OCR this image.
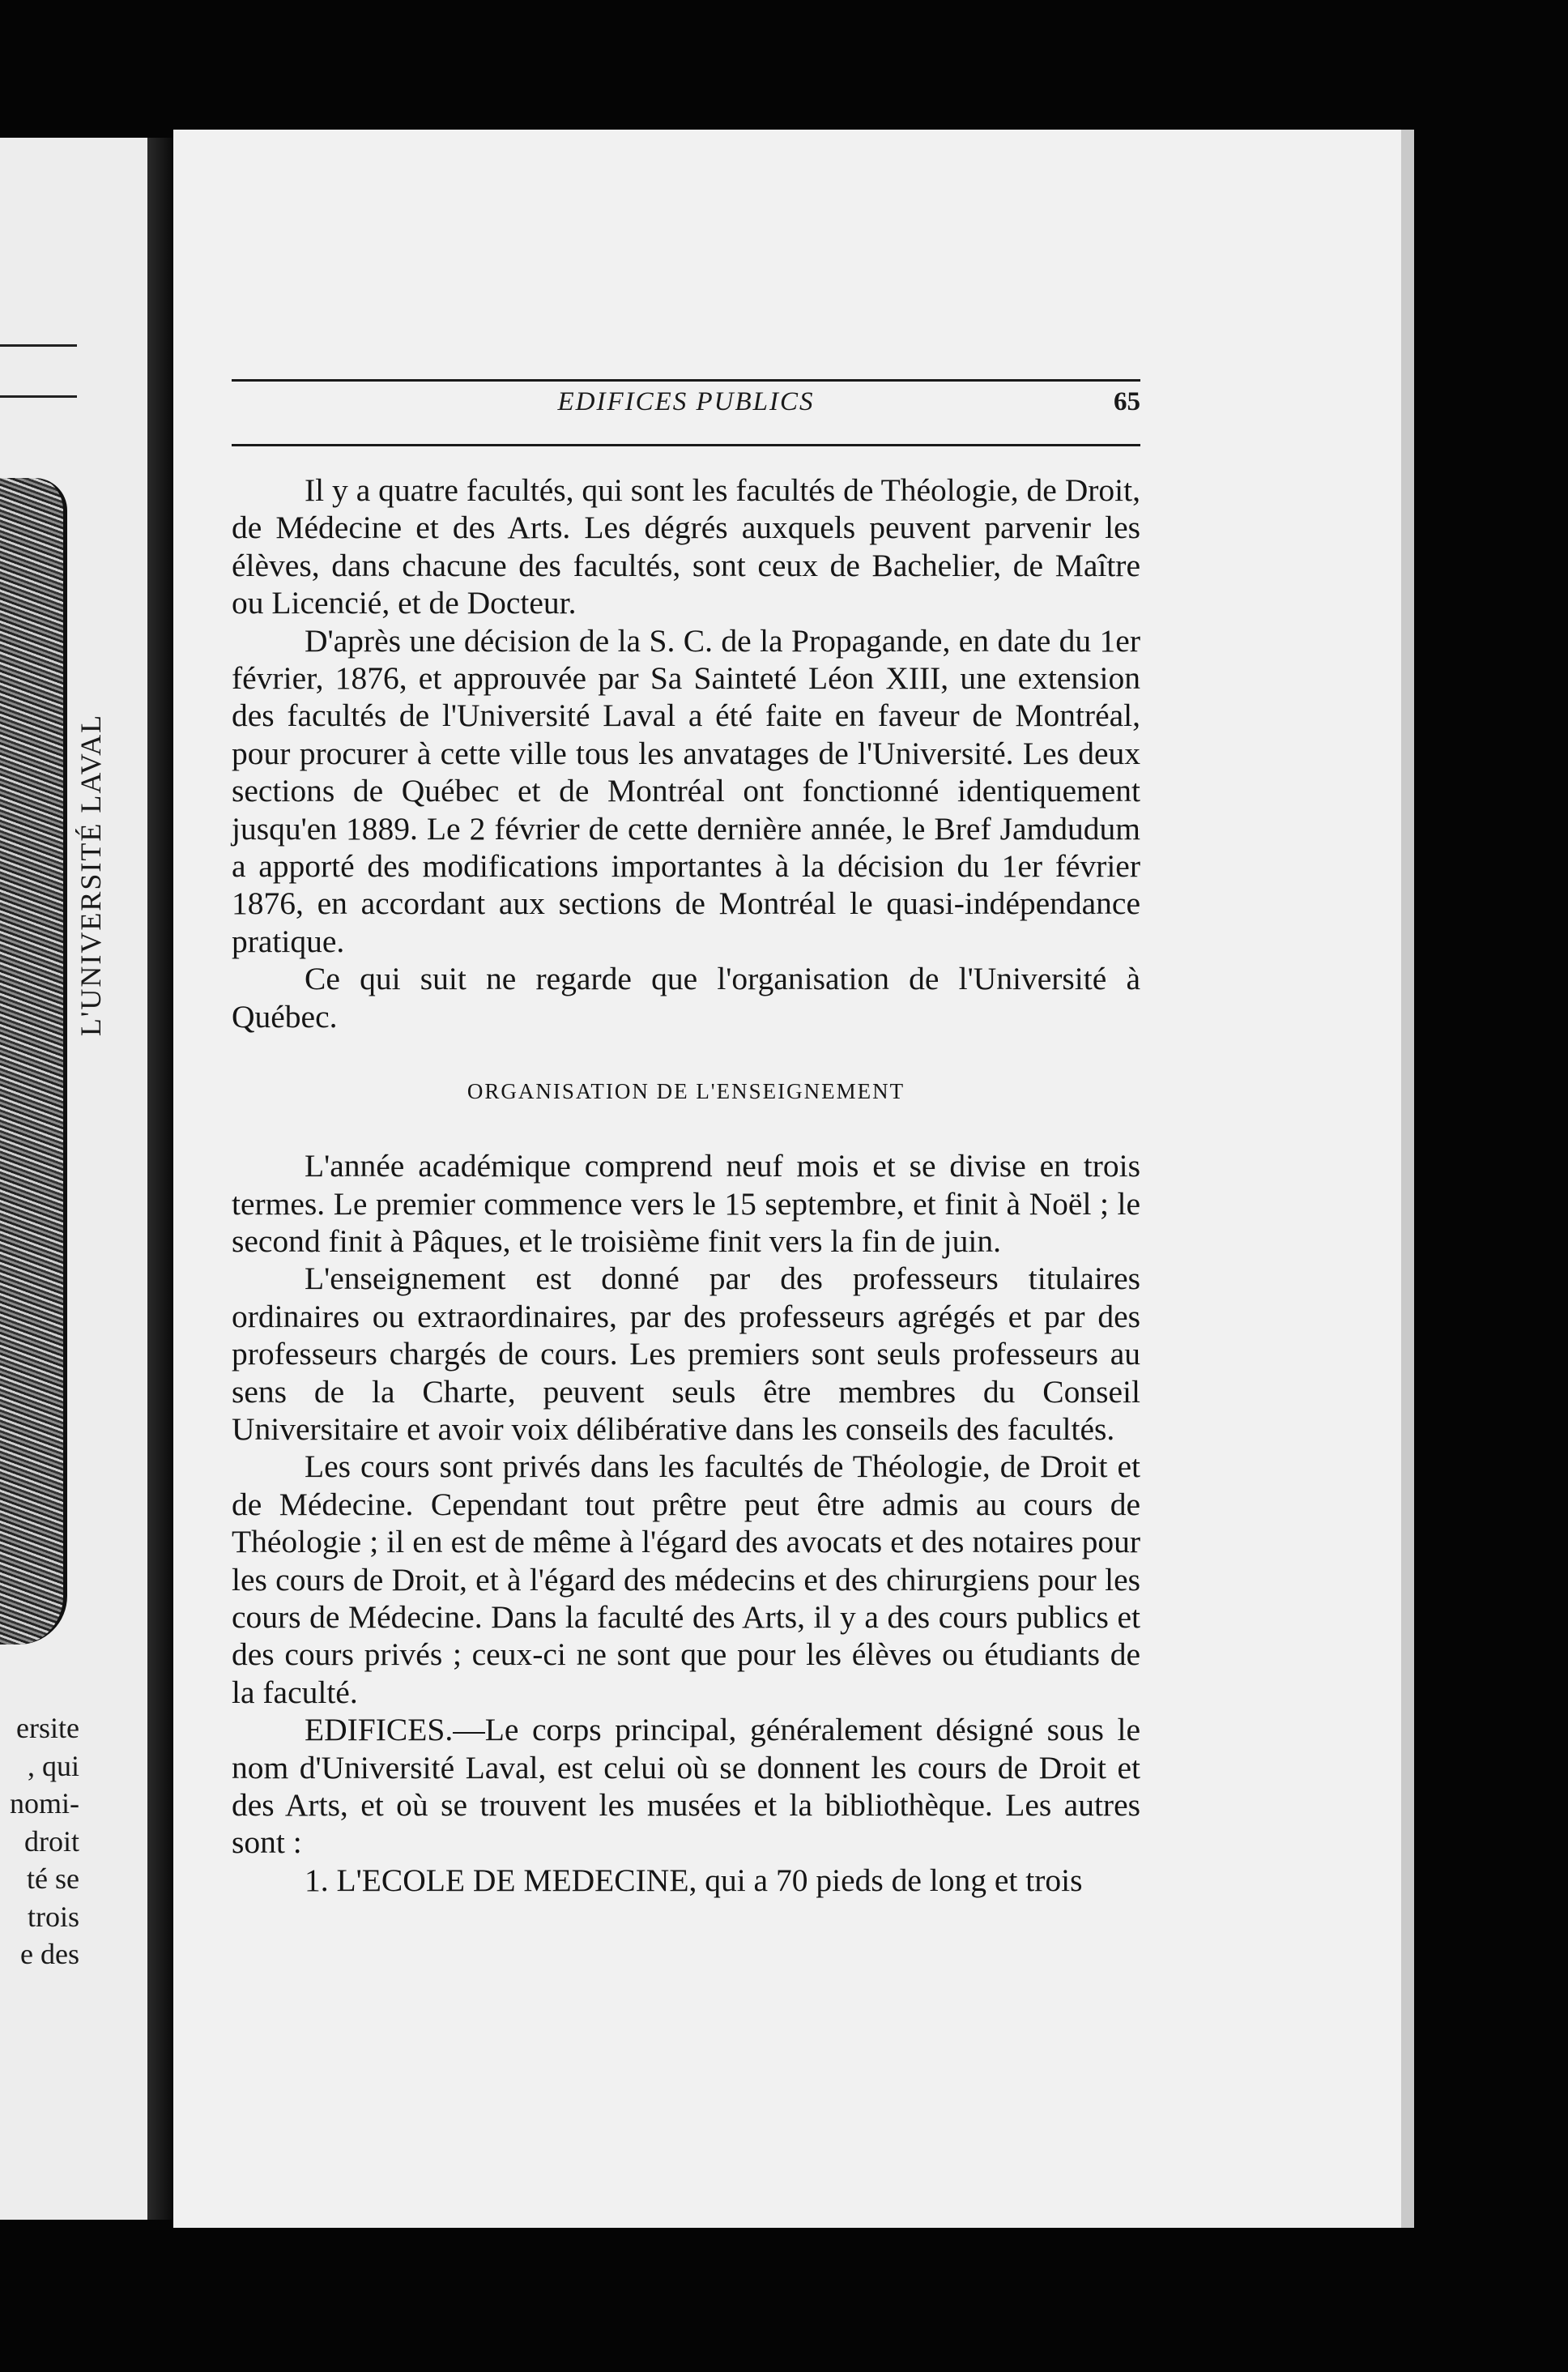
L'UNIVERSITÉ LAVAL
ersite
, qui
nomi-
droit
té se
trois
e des
EDIFICES PUBLICS	65

Il y a quatre facultés, qui sont les facultés de Théologie, de Droit, de Médecine et des Arts. Les dégrés auxquels peuvent parvenir les élèves, dans chacune des facultés, sont ceux de Bachelier, de Maître ou Licencié, et de Docteur.

D'après une décision de la S. C. de la Propagande, en date du 1er février, 1876, et approuvée par Sa Sainteté Léon XIII, une extension des facultés de l'Université Laval a été faite en faveur de Montréal, pour procurer à cette ville tous les anvatages de l'Université. Les deux sections de Québec et de Montréal ont fonctionné identiquement jusqu'en 1889. Le 2 février de cette dernière année, le Bref Jamdudum a apporté des modifications importantes à la décision du 1er février 1876, en accordant aux sections de Montréal le quasi-indépendance pratique.

Ce qui suit ne regarde que l'organisation de l'Université à Québec.

ORGANISATION DE L'ENSEIGNEMENT

L'année académique comprend neuf mois et se divise en trois termes. Le premier commence vers le 15 septembre, et finit à Noël ; le second finit à Pâques, et le troisième finit vers la fin de juin.

L'enseignement est donné par des professeurs titulaires ordinaires ou extraordinaires, par des professeurs agrégés et par des professeurs chargés de cours. Les premiers sont seuls professeurs au sens de la Charte, peuvent seuls être membres du Conseil Universitaire et avoir voix délibérative dans les conseils des facultés.

Les cours sont privés dans les facultés de Théologie, de Droit et de Médecine. Cependant tout prêtre peut être admis au cours de Théologie ; il en est de même à l'égard des avocats et des notaires pour les cours de Droit, et à l'égard des médecins et des chirurgiens pour les cours de Médecine. Dans la faculté des Arts, il y a des cours publics et des cours privés ; ceux-ci ne sont que pour les élèves ou étudiants de la faculté.

EDIFICES.—Le corps principal, généralement désigné sous le nom d'Université Laval, est celui où se donnent les cours de Droit et des Arts, et où se trouvent les musées et la bibliothèque. Les autres sont :

1. L'ECOLE DE MEDECINE, qui a 70 pieds de long et trois
